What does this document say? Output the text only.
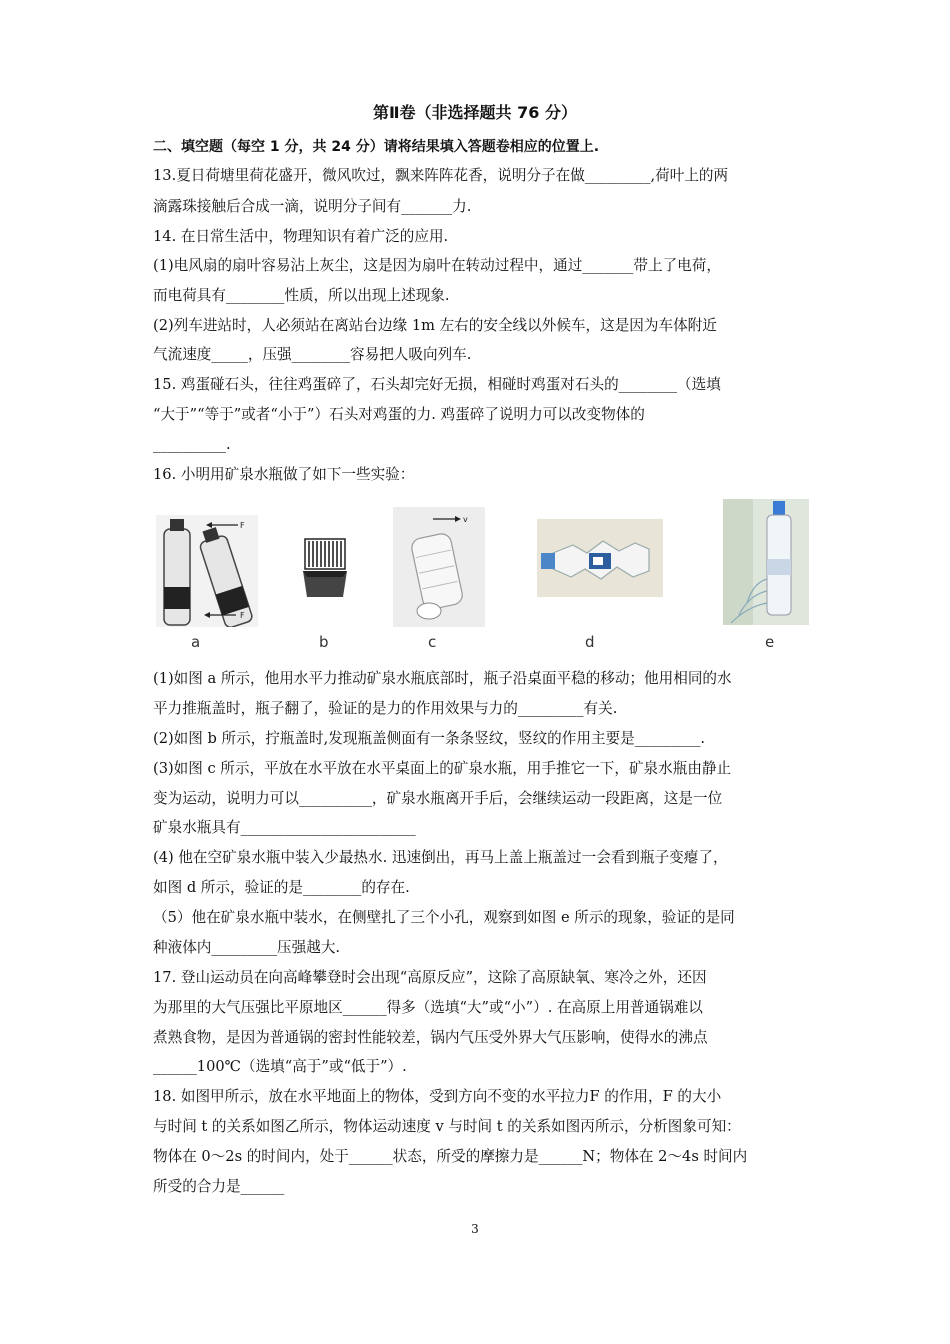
第Ⅱ卷（非选择题共 76 分）
二、填空题（每空 1 分，共 24 分）请将结果填入答题卷相应的位置上.
13.夏日荷塘里荷花盛开，微风吹过，飘来阵阵花香，说明分子在做_________,荷叶上的两
滴露珠接触后合成一滴，说明分子间有_______力.
14. 在日常生活中，物理知识有着广泛的应用.
(1)电风扇的扇叶容易沾上灰尘，这是因为扇叶在转动过程中，通过_______带上了电荷，
而电荷具有________性质，所以出现上述现象.
(2)列车进站时，人必须站在离站台边缘 1m 左右的安全线以外候车，这是因为车体附近
气流速度_____，压强________容易把人吸向列车.
15. 鸡蛋碰石头，往往鸡蛋碎了，石头却完好无损，相碰时鸡蛋对石头的________（选填
“大于”“等于”或者“小于”）石头对鸡蛋的力. 鸡蛋碎了说明力可以改变物体的
__________.
16. 小明用矿泉水瓶做了如下一些实验：
F
F
a	b
v
c	d	e
(1)如图 a 所示，他用水平力推动矿泉水瓶底部时，瓶子沿桌面平稳的移动；他用相同的水
平力推瓶盖时，瓶子翻了，验证的是力的作用效果与力的_________有关.
(2)如图 b 所示，拧瓶盖时,发现瓶盖侧面有一条条竖纹，竖纹的作用主要是_________.
(3)如图 c 所示，平放在水平放在水平桌面上的矿泉水瓶，用手推它一下，矿泉水瓶由静止
变为运动，说明力可以__________，矿泉水瓶离开手后，会继续运动一段距离，这是一位
矿泉水瓶具有________________________
(4) 他在空矿泉水瓶中装入少最热水. 迅速倒出，再马上盖上瓶盖过一会看到瓶子变瘪了，
如图 d 所示，验证的是________的存在.
（5）他在矿泉水瓶中装水，在侧壁扎了三个小孔，观察到如图 e 所示的现象，验证的是同
种液体内_________压强越大.
17. 登山运动员在向高峰攀登时会出现“高原反应”，这除了高原缺氧、寒冷之外，还因
为那里的大气压强比平原地区______得多（选填“大”或“小”）. 在高原上用普通锅难以
煮熟食物，是因为普通锅的密封性能较差，锅内气压受外界大气压影响，使得水的沸点
______100℃（选填“高于”或“低于”）.
18. 如图甲所示，放在水平地面上的物体，受到方向不变的水平拉力F 的作用，F 的大小
与时间 t 的关系如图乙所示，物体运动速度 v 与时间 t 的关系如图丙所示，分析图象可知：
物体在 0～2s 的时间内，处于______状态，所受的摩擦力是______N；物体在 2～4s 时间内
所受的合力是______
3
